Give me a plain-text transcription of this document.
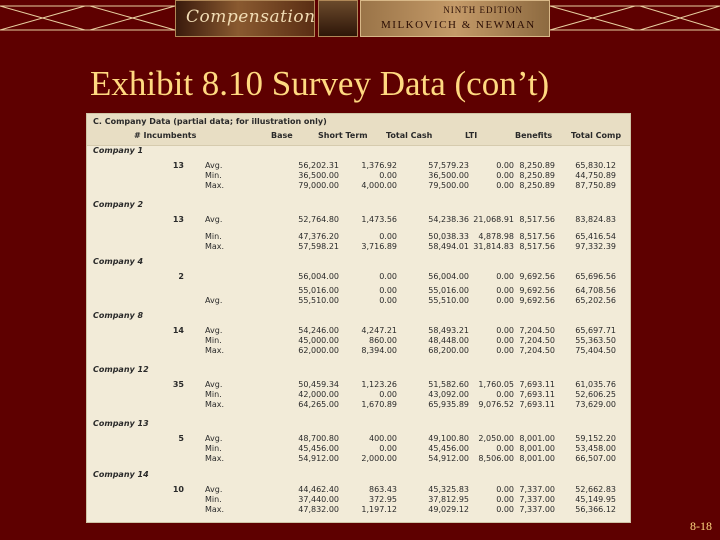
Compensation	NINTH EDITION
MILKOVICH & NEWMAN
Exhibit 8.10 Survey Data (con’t)
C. Company Data (partial data; for illustration only)
# Incumbents	Base	Short Term Total Cash	LTI	Benefits Total Comp
Company 1
13	Avg.	56,202.31	1,376.92	57,579.23	0.00 8,250.89	65,830.12
Min.	36,500.00	0.00	36,500.00	0.00 8,250.89	44,750.89
Max.	79,000.00	4,000.00	79,500.00	0.00 8,250.89	87,750.89
Company 2
13	Avg.	52,764.80	1,473.56	54,238.36 21,068.91 8,517.56	83,824.83
Min.	47,376.20	0.00	50,038.33 4,878.98 8,517.56	65,416.54
Max.	57,598.21	3,716.89	58,494.01 31,814.83 8,517.56	97,332.39
Company 4
2	56,004.00	0.00	56,004.00	0.00 9,692.56	65,696.56
55,016.00	0.00	55,016.00	0.00 9,692.56	64,708.56
Avg.	55,510.00	0.00	55,510.00	0.00 9,692.56	65,202.56
Company 8
14	Avg.	54,246.00	4,247.21	58,493.21	0.00 7,204.50	65,697.71
Min.	45,000.00	860.00	48,448.00	0.00 7,204.50	55,363.50
Max.	62,000.00	8,394.00	68,200.00	0.00 7,204.50	75,404.50
Company 12
35	Avg.	50,459.34	1,123.26	51,582.60 1,760.05 7,693.11	61,035.76
Min.	42,000.00	0.00	43,092.00	0.00 7,693.11	52,606.25
Max.	64,265.00	1,670.89	65,935.89 9,076.52 7,693.11	73,629.00
Company 13
5	Avg.	48,700.80	400.00	49,100.80 2,050.00 8,001.00	59,152.20
Min.	45,456.00	0.00	45,456.00	0.00 8,001.00	53,458.00
Max.	54,912.00	2,000.00	54,912.00 8,506.00 8,001.00	66,507.00
Company 14
10	Avg.	44,462.40	863.43	45,325.83	0.00 7,337.00	52,662.83
Min.	37,440.00	372.95	37,812.95	0.00 7,337.00	45,149.95
Max.	47,832.00	1,197.12	49,029.12	0.00 7,337.00	56,366.12
8-18
